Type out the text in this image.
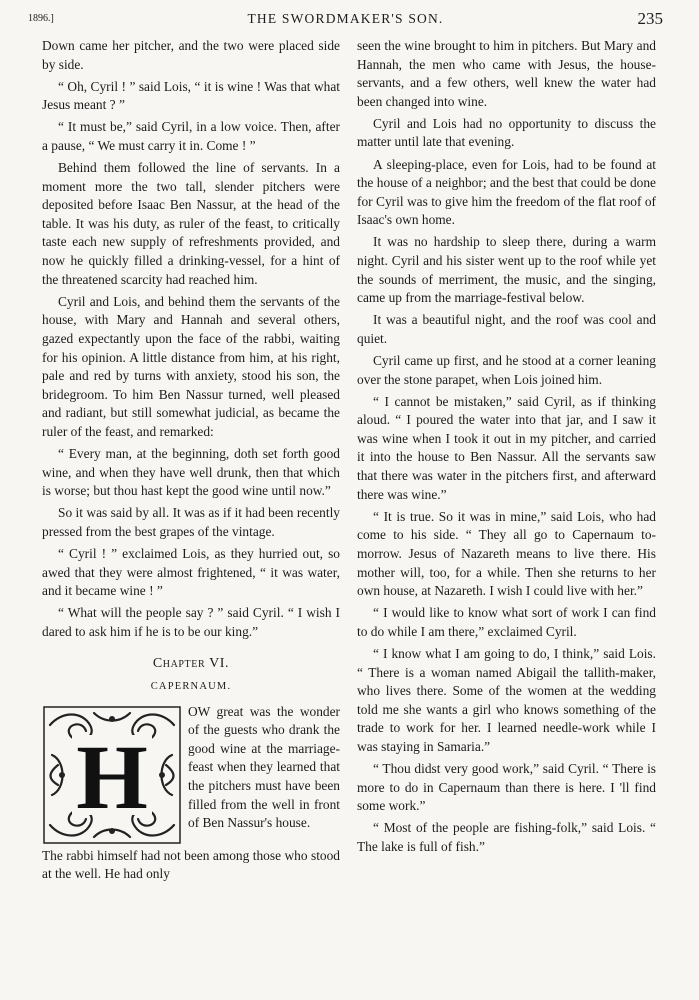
1896.]	THE SWORDMAKER'S SON.	235

Down came her pitcher, and the two were placed side by side.

“ Oh, Cyril ! ” said Lois, “ it is wine ! Was that what Jesus meant ? ”

“ It must be,” said Cyril, in a low voice. Then, after a pause, “ We must carry it in. Come ! ”

Behind them followed the line of servants. In a moment more the two tall, slender pitchers were deposited before Isaac Ben Nassur, at the head of the table. It was his duty, as ruler of the feast, to critically taste each new supply of refreshments provided, and now he quickly filled a drinking-vessel, for a hint of the threatened scarcity had reached him.

Cyril and Lois, and behind them the servants of the house, with Mary and Hannah and several others, gazed expectantly upon the face of the rabbi, waiting for his opinion. A little distance from him, at his right, pale and red by turns with anxiety, stood his son, the bridegroom. To him Ben Nassur turned, well pleased and radiant, but still somewhat judicial, as became the ruler of the feast, and remarked:

“ Every man, at the beginning, doth set forth good wine, and when they have well drunk, then that which is worse; but thou hast kept the good wine until now.”

So it was said by all. It was as if it had been recently pressed from the best grapes of the vintage.

“ Cyril ! ” exclaimed Lois, as they hurried out, so awed that they were almost frightened, “ it was water, and it became wine ! ”

“ What will the people say ? ” said Cyril. “ I wish I dared to ask him if he is to be our king.”

Chapter VI.
CAPERNAUM.
H

OW great was the wonder of the guests who drank the good wine at the marriage-feast when they learned that the pitchers must have been filled from the well in front of Ben Nassur's house.

The rabbi himself had not been among those who stood at the well. He had only

seen the wine brought to him in pitchers. But Mary and Hannah, the men who came with Jesus, the house-servants, and a few others, well knew the water had been changed into wine.

Cyril and Lois had no opportunity to discuss the matter until late that evening.

A sleeping-place, even for Lois, had to be found at the house of a neighbor; and the best that could be done for Cyril was to give him the freedom of the flat roof of Isaac's own home.

It was no hardship to sleep there, during a warm night. Cyril and his sister went up to the roof while yet the sounds of merriment, the music, and the singing, came up from the marriage-festival below.

It was a beautiful night, and the roof was cool and quiet.

Cyril came up first, and he stood at a corner leaning over the stone parapet, when Lois joined him.

“ I cannot be mistaken,” said Cyril, as if thinking aloud. “ I poured the water into that jar, and I saw it was wine when I took it out in my pitcher, and carried it into the house to Ben Nassur. All the servants saw that there was water in the pitchers first, and afterward there was wine.”

“ It is true. So it was in mine,” said Lois, who had come to his side. “ They all go to Capernaum to-morrow. Jesus of Nazareth means to live there. His mother will, too, for a while. Then she returns to her own house, at Nazareth. I wish I could live with her.”

“ I would like to know what sort of work I can find to do while I am there,” exclaimed Cyril.

“ I know what I am going to do, I think,” said Lois. “ There is a woman named Abigail the tallith-maker, who lives there. Some of the women at the wedding told me she wants a girl who knows something of the trade to work for her. I learned needle-work while I was staying in Samaria.”

“ Thou didst very good work,” said Cyril. “ There is more to do in Capernaum than there is here. I 'll find some work.”

“ Most of the people are fishing-folk,” said Lois. “ The lake is full of fish.”
